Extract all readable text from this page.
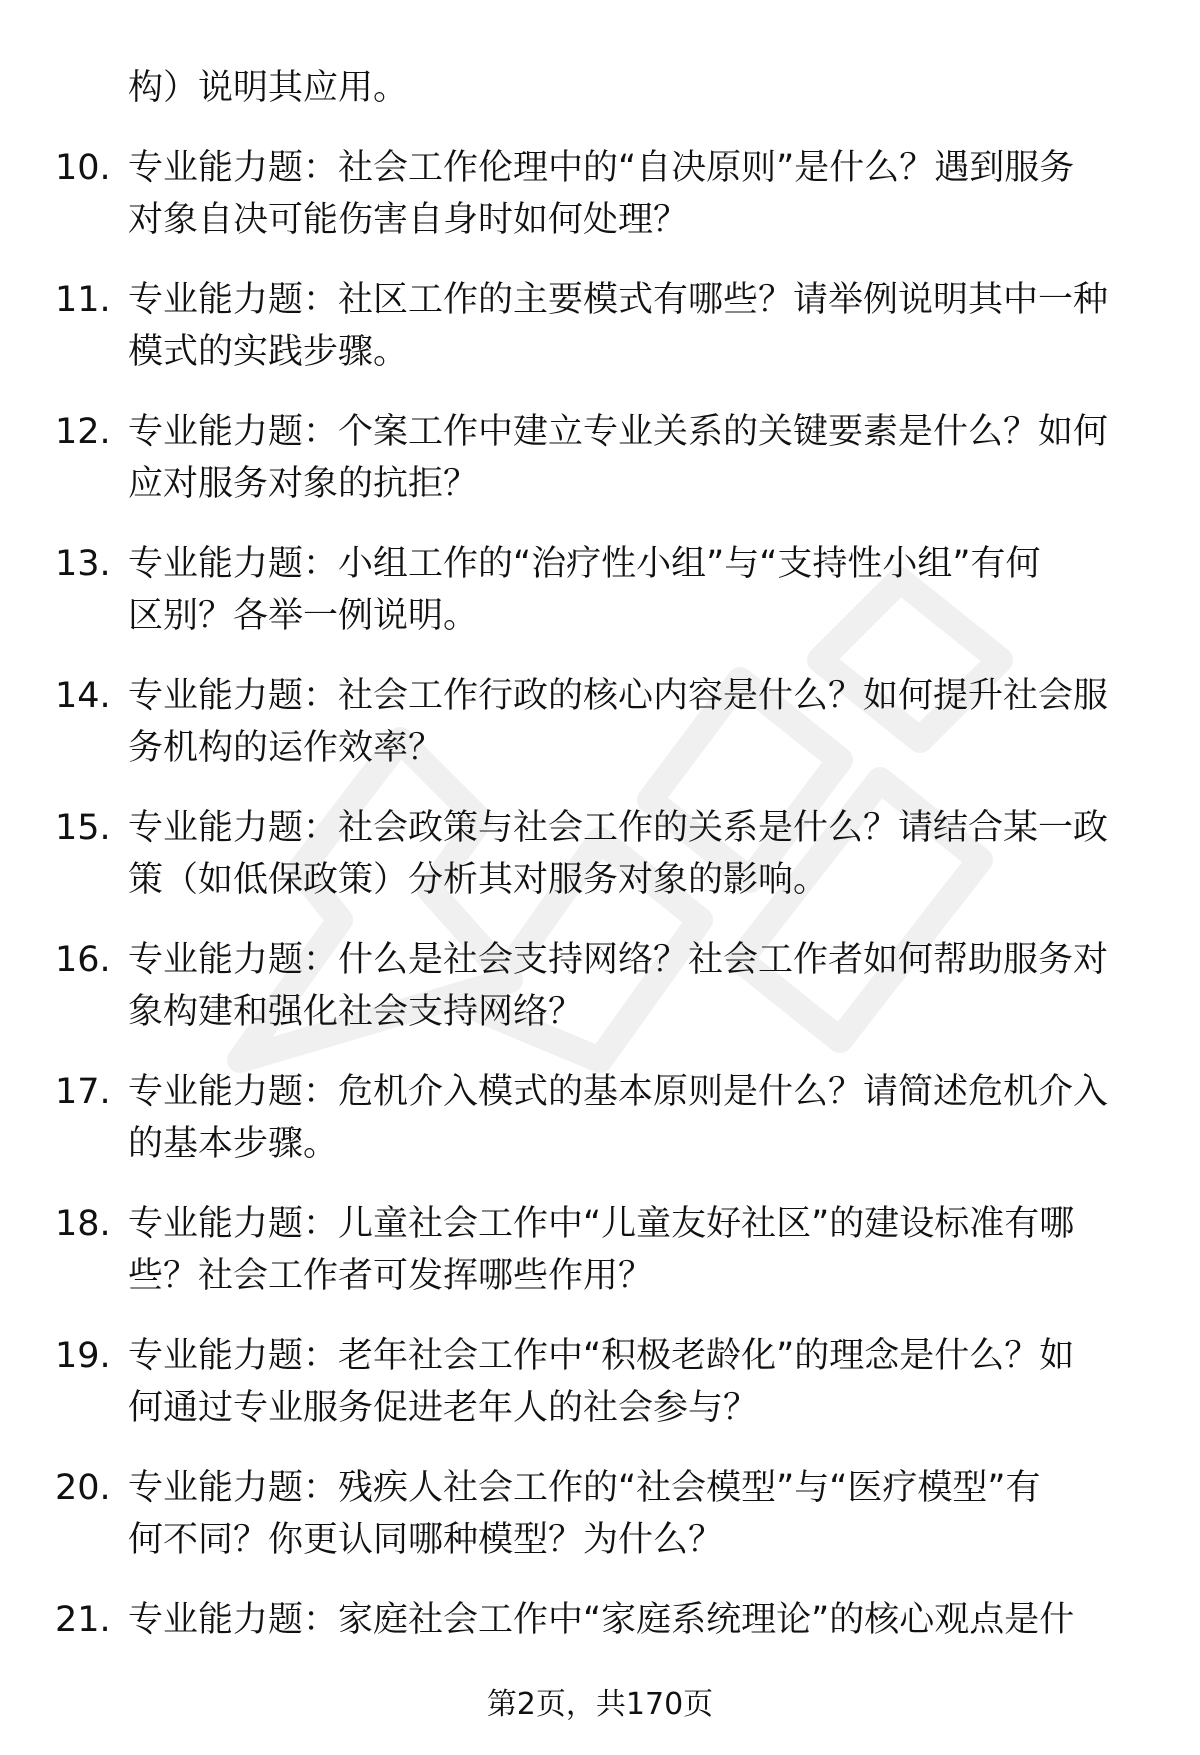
构）说明其应用。
10. 专业能力题：社会工作伦理中的“自决原则”是什么？遇到服务
对象自决可能伤害自身时如何处理？
11. 专业能力题：社区工作的主要模式有哪些？请举例说明其中一种
模式的实践步骤。
12. 专业能力题：个案工作中建立专业关系的关键要素是什么？如何
应对服务对象的抗拒？
13. 专业能力题：小组工作的“治疗性小组”与“支持性小组”有何
区别？各举一例说明。
14. 专业能力题：社会工作行政的核心内容是什么？如何提升社会服
务机构的运作效率？
15. 专业能力题：社会政策与社会工作的关系是什么？请结合某一政
策（如低保政策）分析其对服务对象的影响。
16. 专业能力题：什么是社会支持网络？社会工作者如何帮助服务对
象构建和强化社会支持网络？
17. 专业能力题：危机介入模式的基本原则是什么？请简述危机介入
的基本步骤。
18. 专业能力题：儿童社会工作中“儿童友好社区”的建设标准有哪
些？社会工作者可发挥哪些作用？
19. 专业能力题：老年社会工作中“积极老龄化”的理念是什么？如
何通过专业服务促进老年人的社会参与？
20. 专业能力题：残疾人社会工作的“社会模型”与“医疗模型”有
何不同？你更认同哪种模型？为什么？
21. 专业能力题：家庭社会工作中“家庭系统理论”的核心观点是什
第2页，共170页
